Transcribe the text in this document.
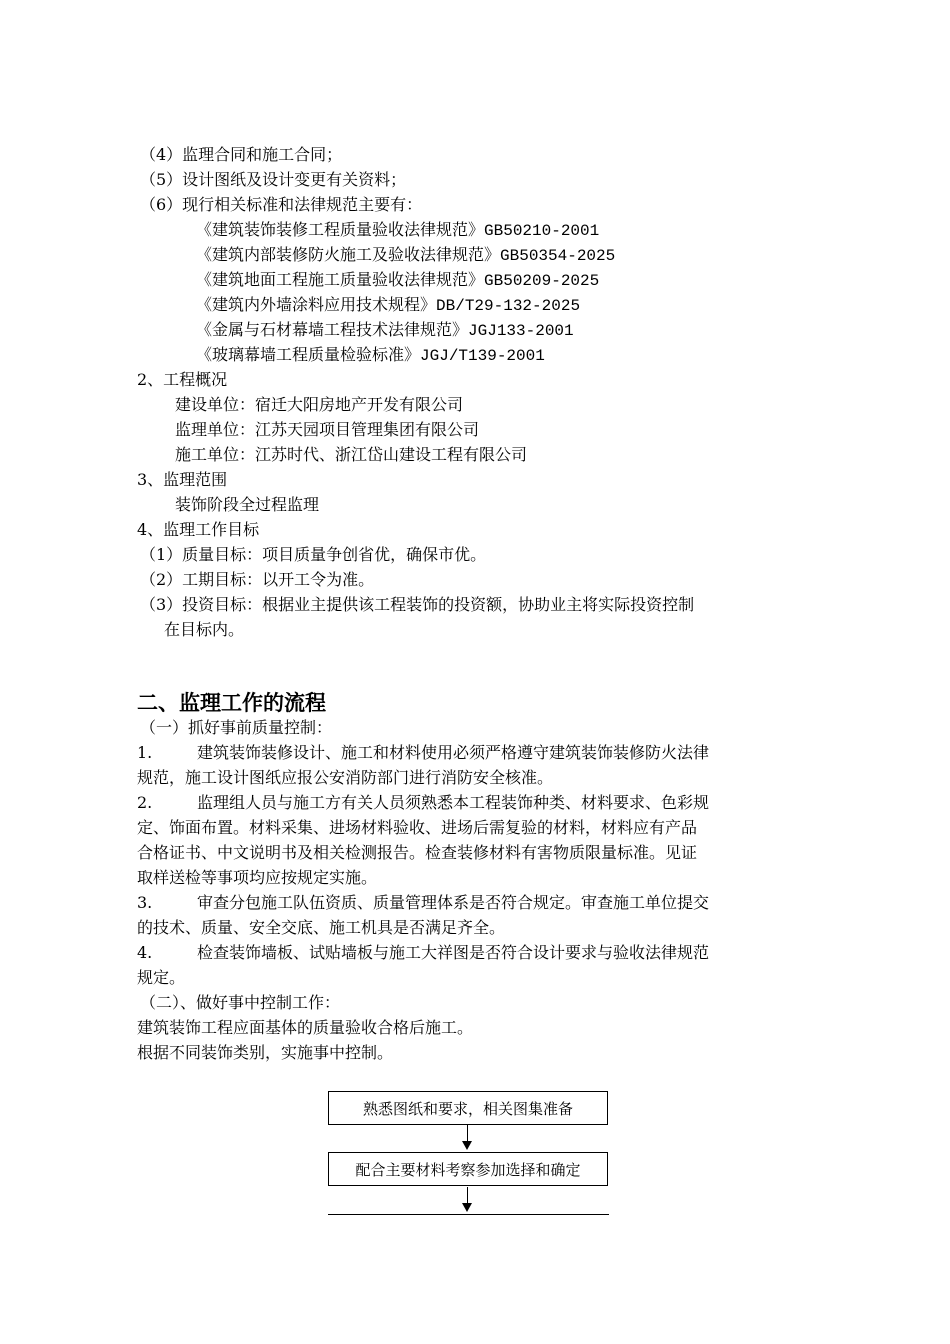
（4）监理合同和施工合同；
（5）设计图纸及设计变更有关资料；
（6）现行相关标准和法律规范主要有：
《建筑装饰装修工程质量验收法律规范》GB50210-2001
《建筑内部装修防火施工及验收法律规范》GB50354-2025
《建筑地面工程施工质量验收法律规范》GB50209-2025
《建筑内外墙涂料应用技术规程》DB/T29-132-2025
《金属与石材幕墙工程技术法律规范》JGJ133-2001
《玻璃幕墙工程质量检验标准》JGJ/T139-2001
2、工程概况
建设单位：宿迁大阳房地产开发有限公司
监理单位：江苏天园项目管理集团有限公司
施工单位：江苏时代、浙江岱山建设工程有限公司
3、监理范围
装饰阶段全过程监理
4、监理工作目标
（1）质量目标：项目质量争创省优，确保市优。
（2）工期目标：以开工令为准。
（3）投资目标：根据业主提供该工程装饰的投资额，协助业主将实际投资控制
在目标内。
二、监理工作的流程
（一）抓好事前质量控制：
1.	建筑装饰装修设计、施工和材料使用必须严格遵守建筑装饰装修防火法律
规范，施工设计图纸应报公安消防部门进行消防安全核准。
2.	监理组人员与施工方有关人员须熟悉本工程装饰种类、材料要求、色彩规
定、饰面布置。材料采集、进场材料验收、进场后需复验的材料，材料应有产品
合格证书、中文说明书及相关检测报告。检查装修材料有害物质限量标准。见证
取样送检等事项均应按规定实施。
3.	审查分包施工队伍资质、质量管理体系是否符合规定。审查施工单位提交
的技术、质量、安全交底、施工机具是否满足齐全。
4.	检查装饰墙板、试贴墙板与施工大祥图是否符合设计要求与验收法律规范
规定。
（二）、做好事中控制工作：
建筑装饰工程应面基体的质量验收合格后施工。
根据不同装饰类别，实施事中控制。
熟悉图纸和要求，相关图集准备
配合主要材料考察参加选择和确定
